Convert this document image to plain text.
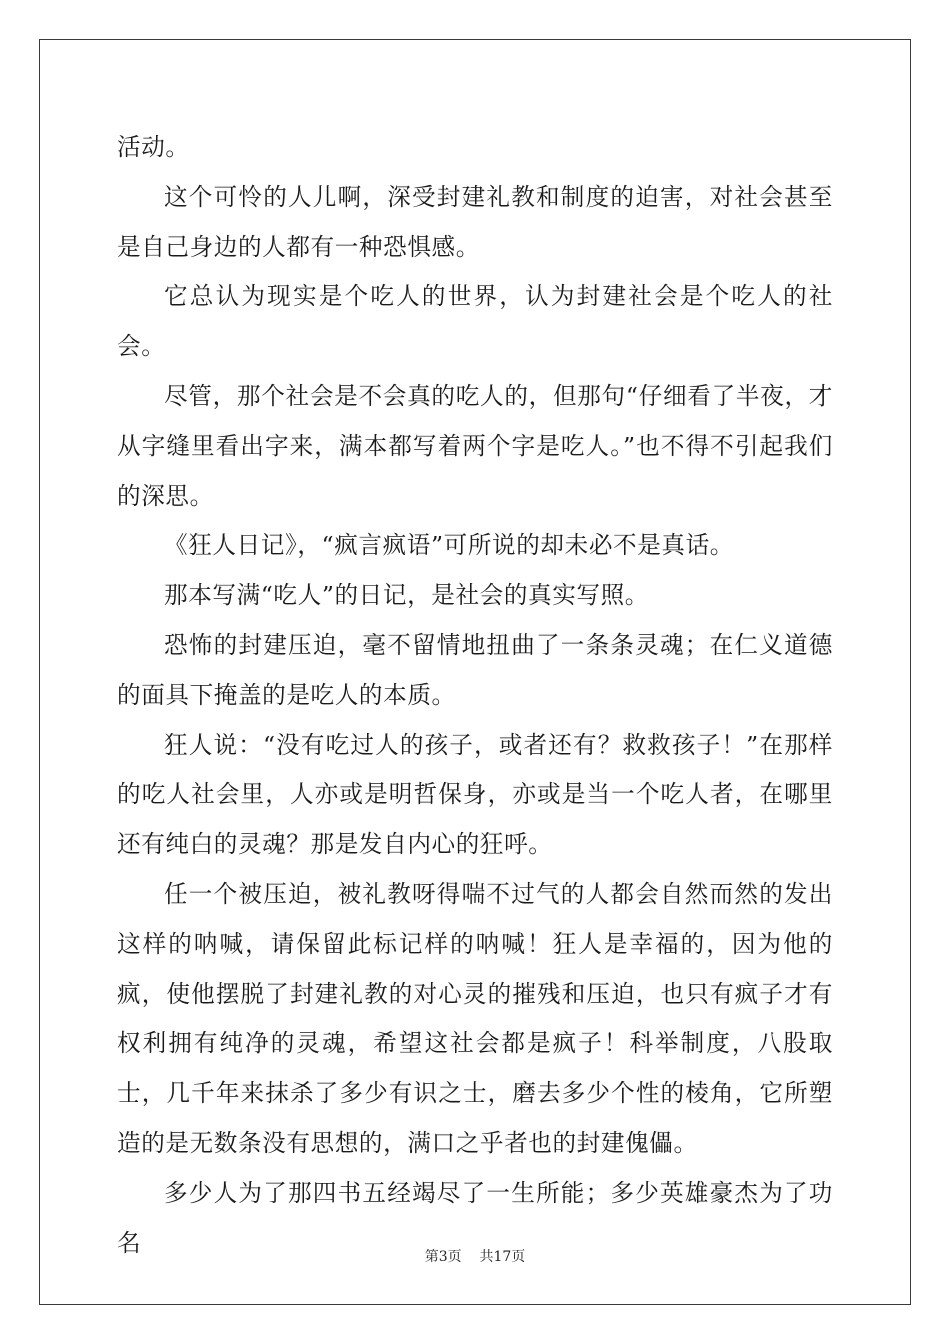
活动。

这个可怜的人儿啊，深受封建礼教和制度的迫害，对社会甚至是自己身边的人都有一种恐惧感。

它总认为现实是个吃人的世界，认为封建社会是个吃人的社会。

尽管，那个社会是不会真的吃人的，但那句“仔细看了半夜，才从字缝里看出字来，满本都写着两个字是吃人。”也不得不引起我们的深思。

《狂人日记》，“疯言疯语”可所说的却未必不是真话。

那本写满“吃人”的日记，是社会的真实写照。

恐怖的封建压迫，毫不留情地扭曲了一条条灵魂；在仁义道德的面具下掩盖的是吃人的本质。

狂人说：“没有吃过人的孩子，或者还有？救救孩子！”在那样的吃人社会里，人亦或是明哲保身，亦或是当一个吃人者，在哪里还有纯白的灵魂？那是发自内心的狂呼。

任一个被压迫，被礼教呀得喘不过气的人都会自然而然的发出这样的呐喊，请保留此标记样的呐喊！狂人是幸福的，因为他的疯，使他摆脱了封建礼教的对心灵的摧残和压迫，也只有疯子才有权利拥有纯净的灵魂，希望这社会都是疯子！科举制度，八股取士，几千年来抹杀了多少有识之士，磨去多少个性的棱角，它所塑造的是无数条没有思想的，满口之乎者也的封建傀儡。

多少人为了那四书五经竭尽了一生所能；多少英雄豪杰为了功名

第3页 共17页
